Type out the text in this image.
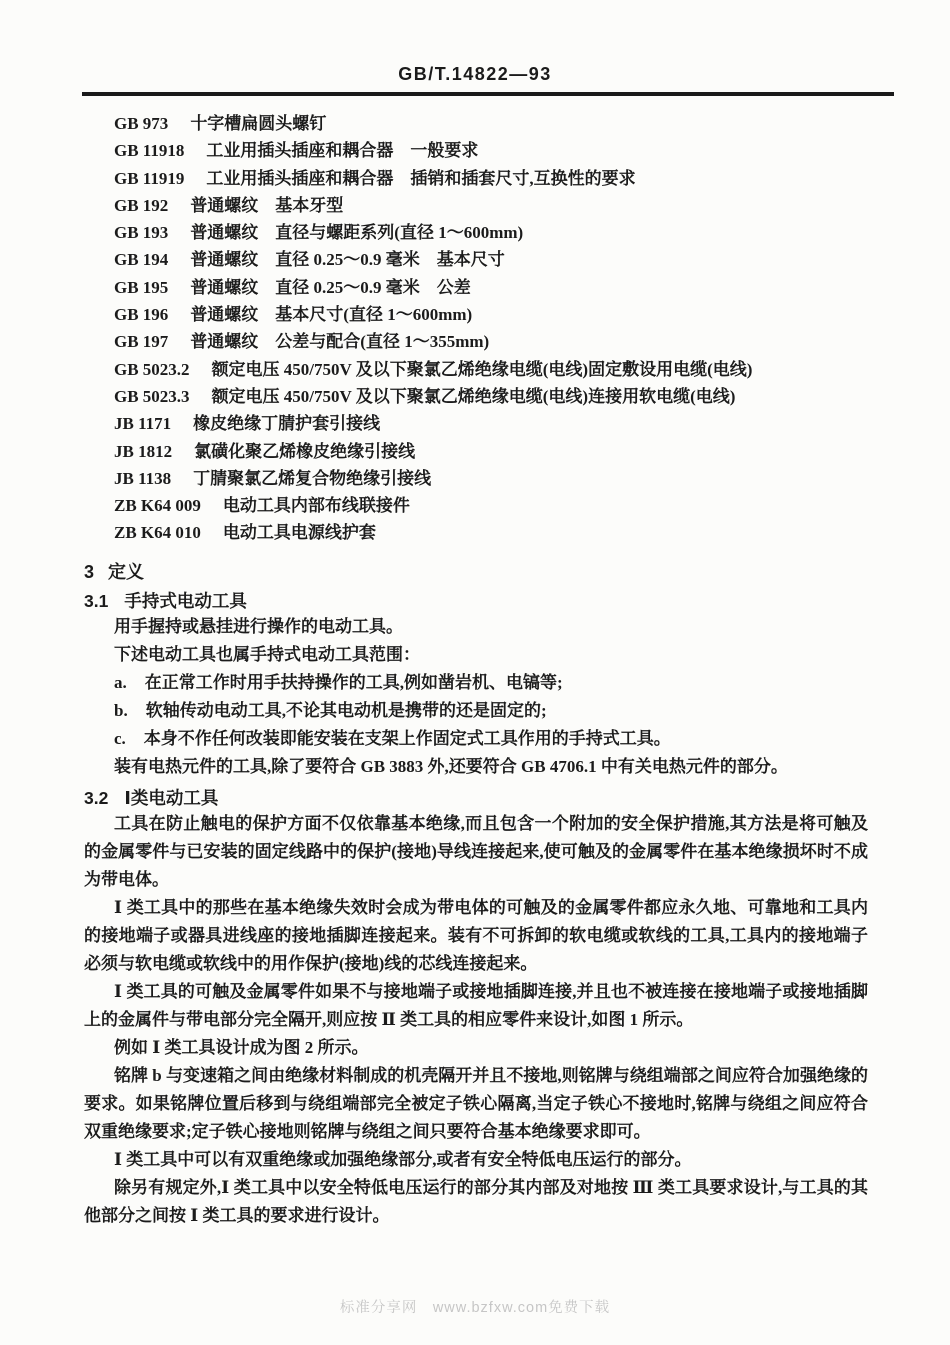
GB/T.14822—93
GB 973 十字槽扁圆头螺钉
GB 11918 工业用插头插座和耦合器　一般要求
GB 11919 工业用插头插座和耦合器　插销和插套尺寸,互换性的要求
GB 192 普通螺纹　基本牙型
GB 193 普通螺纹　直径与螺距系列(直径 1～600mm)
GB 194 普通螺纹　直径 0.25～0.9 毫米　基本尺寸
GB 195 普通螺纹　直径 0.25～0.9 毫米　公差
GB 196 普通螺纹　基本尺寸(直径 1～600mm)
GB 197 普通螺纹　公差与配合(直径 1～355mm)
GB 5023.2 额定电压 450/750V 及以下聚氯乙烯绝缘电缆(电线)固定敷设用电缆(电线)
GB 5023.3 额定电压 450/750V 及以下聚氯乙烯绝缘电缆(电线)连接用软电缆(电线)
JB 1171 橡皮绝缘丁腈护套引接线
JB 1812 氯磺化聚乙烯橡皮绝缘引接线
JB 1138 丁腈聚氯乙烯复合物绝缘引接线
ZB K64 009 电动工具内部布线联接件
ZB K64 010 电动工具电源线护套
3 定义
3.1 手持式电动工具
用手握持或悬挂进行操作的电动工具。
下述电动工具也属手持式电动工具范围：
a. 在正常工作时用手扶持操作的工具,例如凿岩机、电镐等;
b. 软轴传动电动工具,不论其电动机是携带的还是固定的;
c. 本身不作任何改装即能安装在支架上作固定式工具作用的手持式工具。
装有电热元件的工具,除了要符合 GB 3883 外,还要符合 GB 4706.1 中有关电热元件的部分。
3.2 Ⅰ类电动工具
工具在防止触电的保护方面不仅依靠基本绝缘,而且包含一个附加的安全保护措施,其方法是将可触及的金属零件与已安装的固定线路中的保护(接地)导线连接起来,使可触及的金属零件在基本绝缘损坏时不成为带电体。
Ⅰ 类工具中的那些在基本绝缘失效时会成为带电体的可触及的金属零件都应永久地、可靠地和工具内的接地端子或器具进线座的接地插脚连接起来。装有不可拆卸的软电缆或软线的工具,工具内的接地端子必须与软电缆或软线中的用作保护(接地)线的芯线连接起来。
Ⅰ 类工具的可触及金属零件如果不与接地端子或接地插脚连接,并且也不被连接在接地端子或接地插脚上的金属件与带电部分完全隔开,则应按 Ⅱ 类工具的相应零件来设计,如图 1 所示。
例如 Ⅰ 类工具设计成为图 2 所示。
铭牌 b 与变速箱之间由绝缘材料制成的机壳隔开并且不接地,则铭牌与绕组端部之间应符合加强绝缘的要求。如果铭牌位置后移到与绕组端部完全被定子铁心隔离,当定子铁心不接地时,铭牌与绕组之间应符合双重绝缘要求;定子铁心接地则铭牌与绕组之间只要符合基本绝缘要求即可。
Ⅰ 类工具中可以有双重绝缘或加强绝缘部分,或者有安全特低电压运行的部分。
除另有规定外,Ⅰ 类工具中以安全特低电压运行的部分其内部及对地按 Ⅲ 类工具要求设计,与工具的其他部分之间按 Ⅰ 类工具的要求进行设计。
标准分享网　www.bzfxw.com免费下载
